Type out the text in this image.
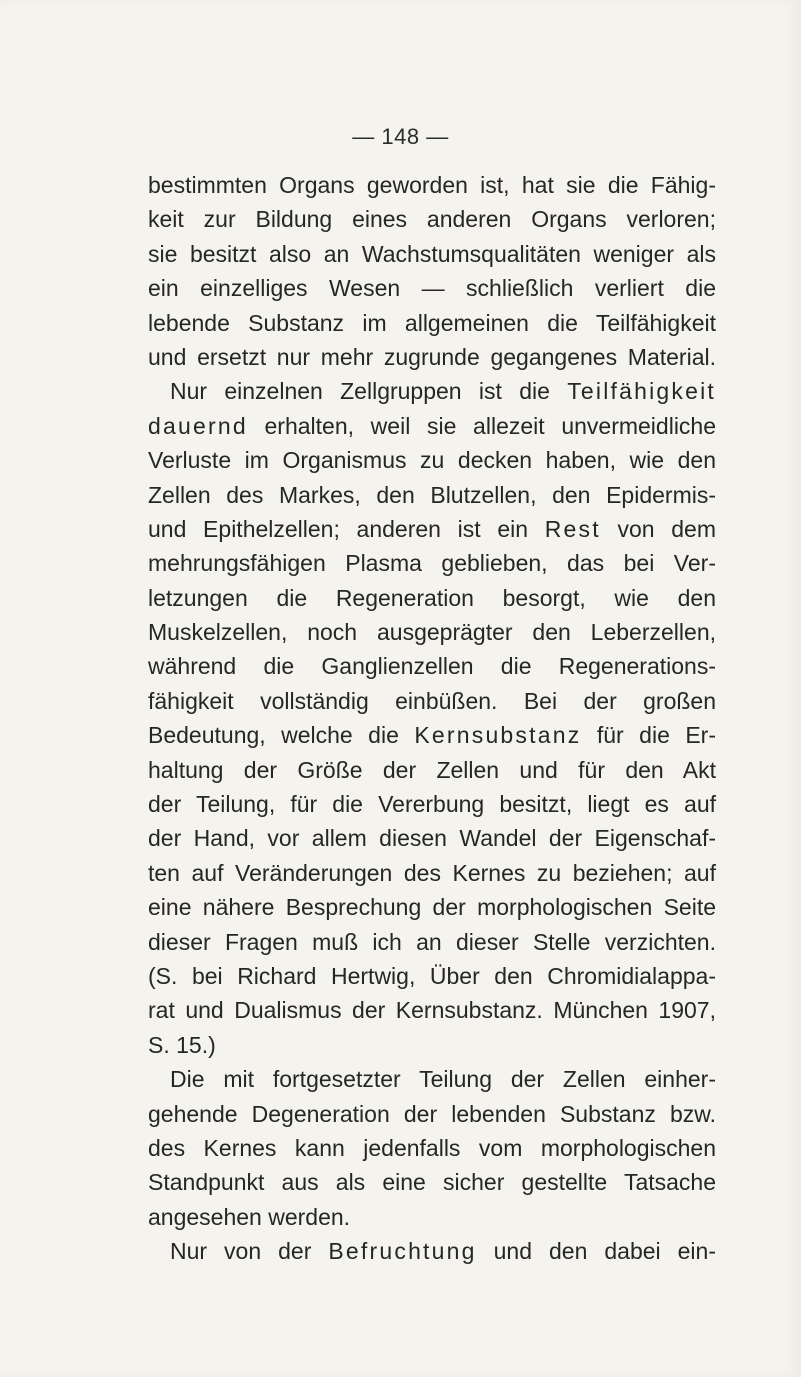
— 148 —
bestimmten Organs geworden ist, hat sie die Fähig-
keit zur Bildung eines anderen Organs verloren;
sie besitzt also an Wachstumsqualitäten weniger als
ein einzelliges Wesen — schließlich verliert die
lebende Substanz im allgemeinen die Teilfähigkeit
und ersetzt nur mehr zugrunde gegangenes Material.
Nur einzelnen Zellgruppen ist die Teilfähigkeit
dauernd erhalten, weil sie allezeit unvermeidliche
Verluste im Organismus zu decken haben, wie den
Zellen des Markes, den Blutzellen, den Epidermis-
und Epithelzellen; anderen ist ein Rest von dem
mehrungsfähigen Plasma geblieben, das bei Ver-
letzungen die Regeneration besorgt, wie den
Muskelzellen, noch ausgeprägter den Leberzellen,
während die Ganglienzellen die Regenerations-
fähigkeit vollständig einbüßen. Bei der großen
Bedeutung, welche die Kernsubstanz für die Er-
haltung der Größe der Zellen und für den Akt
der Teilung, für die Vererbung besitzt, liegt es auf
der Hand, vor allem diesen Wandel der Eigenschaf-
ten auf Veränderungen des Kernes zu beziehen; auf
eine nähere Besprechung der morphologischen Seite
dieser Fragen muß ich an dieser Stelle verzichten.
(S. bei Richard Hertwig, Über den Chromidialappa-
rat und Dualismus der Kernsubstanz. München 1907,
S. 15.)
Die mit fortgesetzter Teilung der Zellen einher-
gehende Degeneration der lebenden Substanz bzw.
des Kernes kann jedenfalls vom morphologischen
Standpunkt aus als eine sicher gestellte Tatsache
angesehen werden.
Nur von der Befruchtung und den dabei ein-
